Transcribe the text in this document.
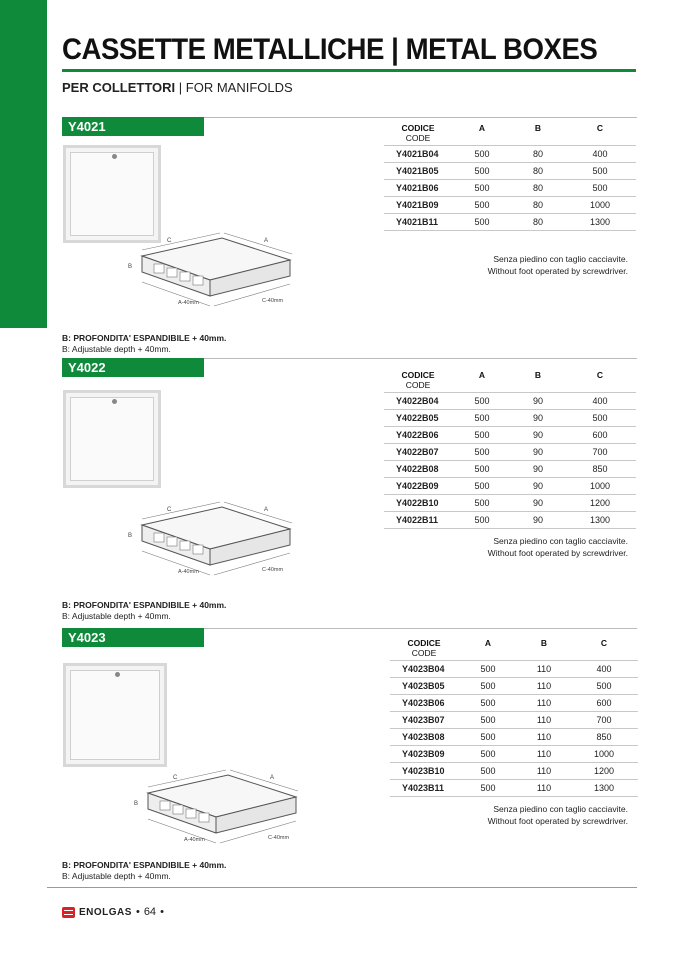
CASSETTE METALLICHE | METAL BOXES
PER COLLETTORI | FOR MANIFOLDS
Y4021
C	A
B
A-40mm	C-40mm
CODICE
CODE	A	B	C
Y4021B04	500	80	400
Y4021B05	500	80	500
Y4021B06	500	80	500
Y4021B09	500	80	1000
Y4021B11	500	80	1300
Senza piedino con taglio cacciavite.
Without foot operated by screwdriver.
B: PROFONDITA' ESPANDIBILE + 40mm.
B: Adjustable depth + 40mm.
Y4022
C	A
B
A-40mm	C-40mm
CODICE
CODE	A	B	C
Y4022B04	500	90	400
Y4022B05	500	90	500
Y4022B06	500	90	600
Y4022B07	500	90	700
Y4022B08	500	90	850
Y4022B09	500	90	1000
Y4022B10	500	90	1200
Y4022B11	500	90	1300
Senza piedino con taglio cacciavite.
Without foot operated by screwdriver.
B: PROFONDITA' ESPANDIBILE + 40mm.
B: Adjustable depth + 40mm.
Y4023
C	A
B
A-40mm	C-40mm
CODICE
CODE	A	B	C
Y4023B04	500	110	400
Y4023B05	500	110	500
Y4023B06	500	110	600
Y4023B07	500	110	700
Y4023B08	500	110	850
Y4023B09	500	110	1000
Y4023B10	500	110	1200
Y4023B11	500	110	1300
Senza piedino con taglio cacciavite.
Without foot operated by screwdriver.
B: PROFONDITA' ESPANDIBILE + 40mm.
B: Adjustable depth + 40mm.
ENOLGAS • 64 •
